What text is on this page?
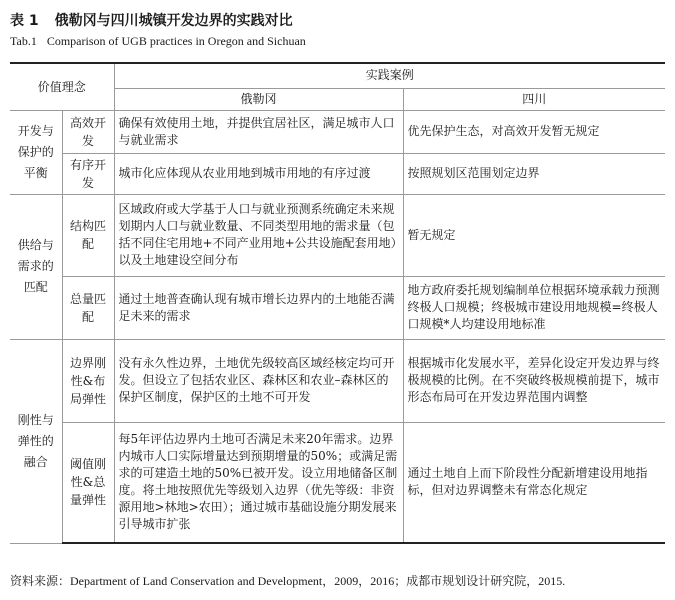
表 1 俄勒冈与四川城镇开发边界的实践对比
Tab.1 Comparison of UGB practices in Oregon and Sichuan
价值理念		实践案例	
		俄勒冈	四川
开发与保护的平衡	高效开发	确保有效使用土地，并提供宜居社区，满足城市人口与就业需求	优先保护生态，对高效开发暂无规定
	有序开发	城市化应体现从农业用地到城市用地的有序过渡	按照规划区范围划定边界
供给与需求的匹配	结构匹配	区域政府或大学基于人口与就业预测系统确定未来规划期内人口与就业数量、不同类型用地的需求量（包括不同住宅用地+不同产业用地+公共设施配套用地）以及土地建设空间分布	暂无规定
	总量匹配	通过土地普查确认现有城市增长边界内的土地能否满足未来的需求	地方政府委托规划编制单位根据环境承载力预测终极人口规模；终极城市建设用地规模=终极人口规模*人均建设用地标准
刚性与弹性的融合	边界刚性&布局弹性	没有永久性边界，土地优先级较高区域经核定均可开发。但设立了包括农业区、森林区和农业–森林区的保护区制度，保护区的土地不可开发	根据城市化发展水平，差异化设定开发边界与终极规模的比例。在不突破终极规模前提下，城市形态布局可在开发边界范围内调整
	阈值刚性&总量弹性	每5年评估边界内土地可否满足未来20年需求。边界内城市人口实际增量达到预期增量的50%；或满足需求的可建造土地的50%已被开发。设立用地储备区制度。将土地按照优先等级划入边界（优先等级：非资源用地>林地>农田）；通过城市基础设施分期发展来引导城市扩张	通过土地自上而下阶段性分配新增建设用地指标，但对边界调整未有常态化规定
资料来源：Department of Land Conservation and Development，2009，2016；成都市规划设计研究院，2015.
